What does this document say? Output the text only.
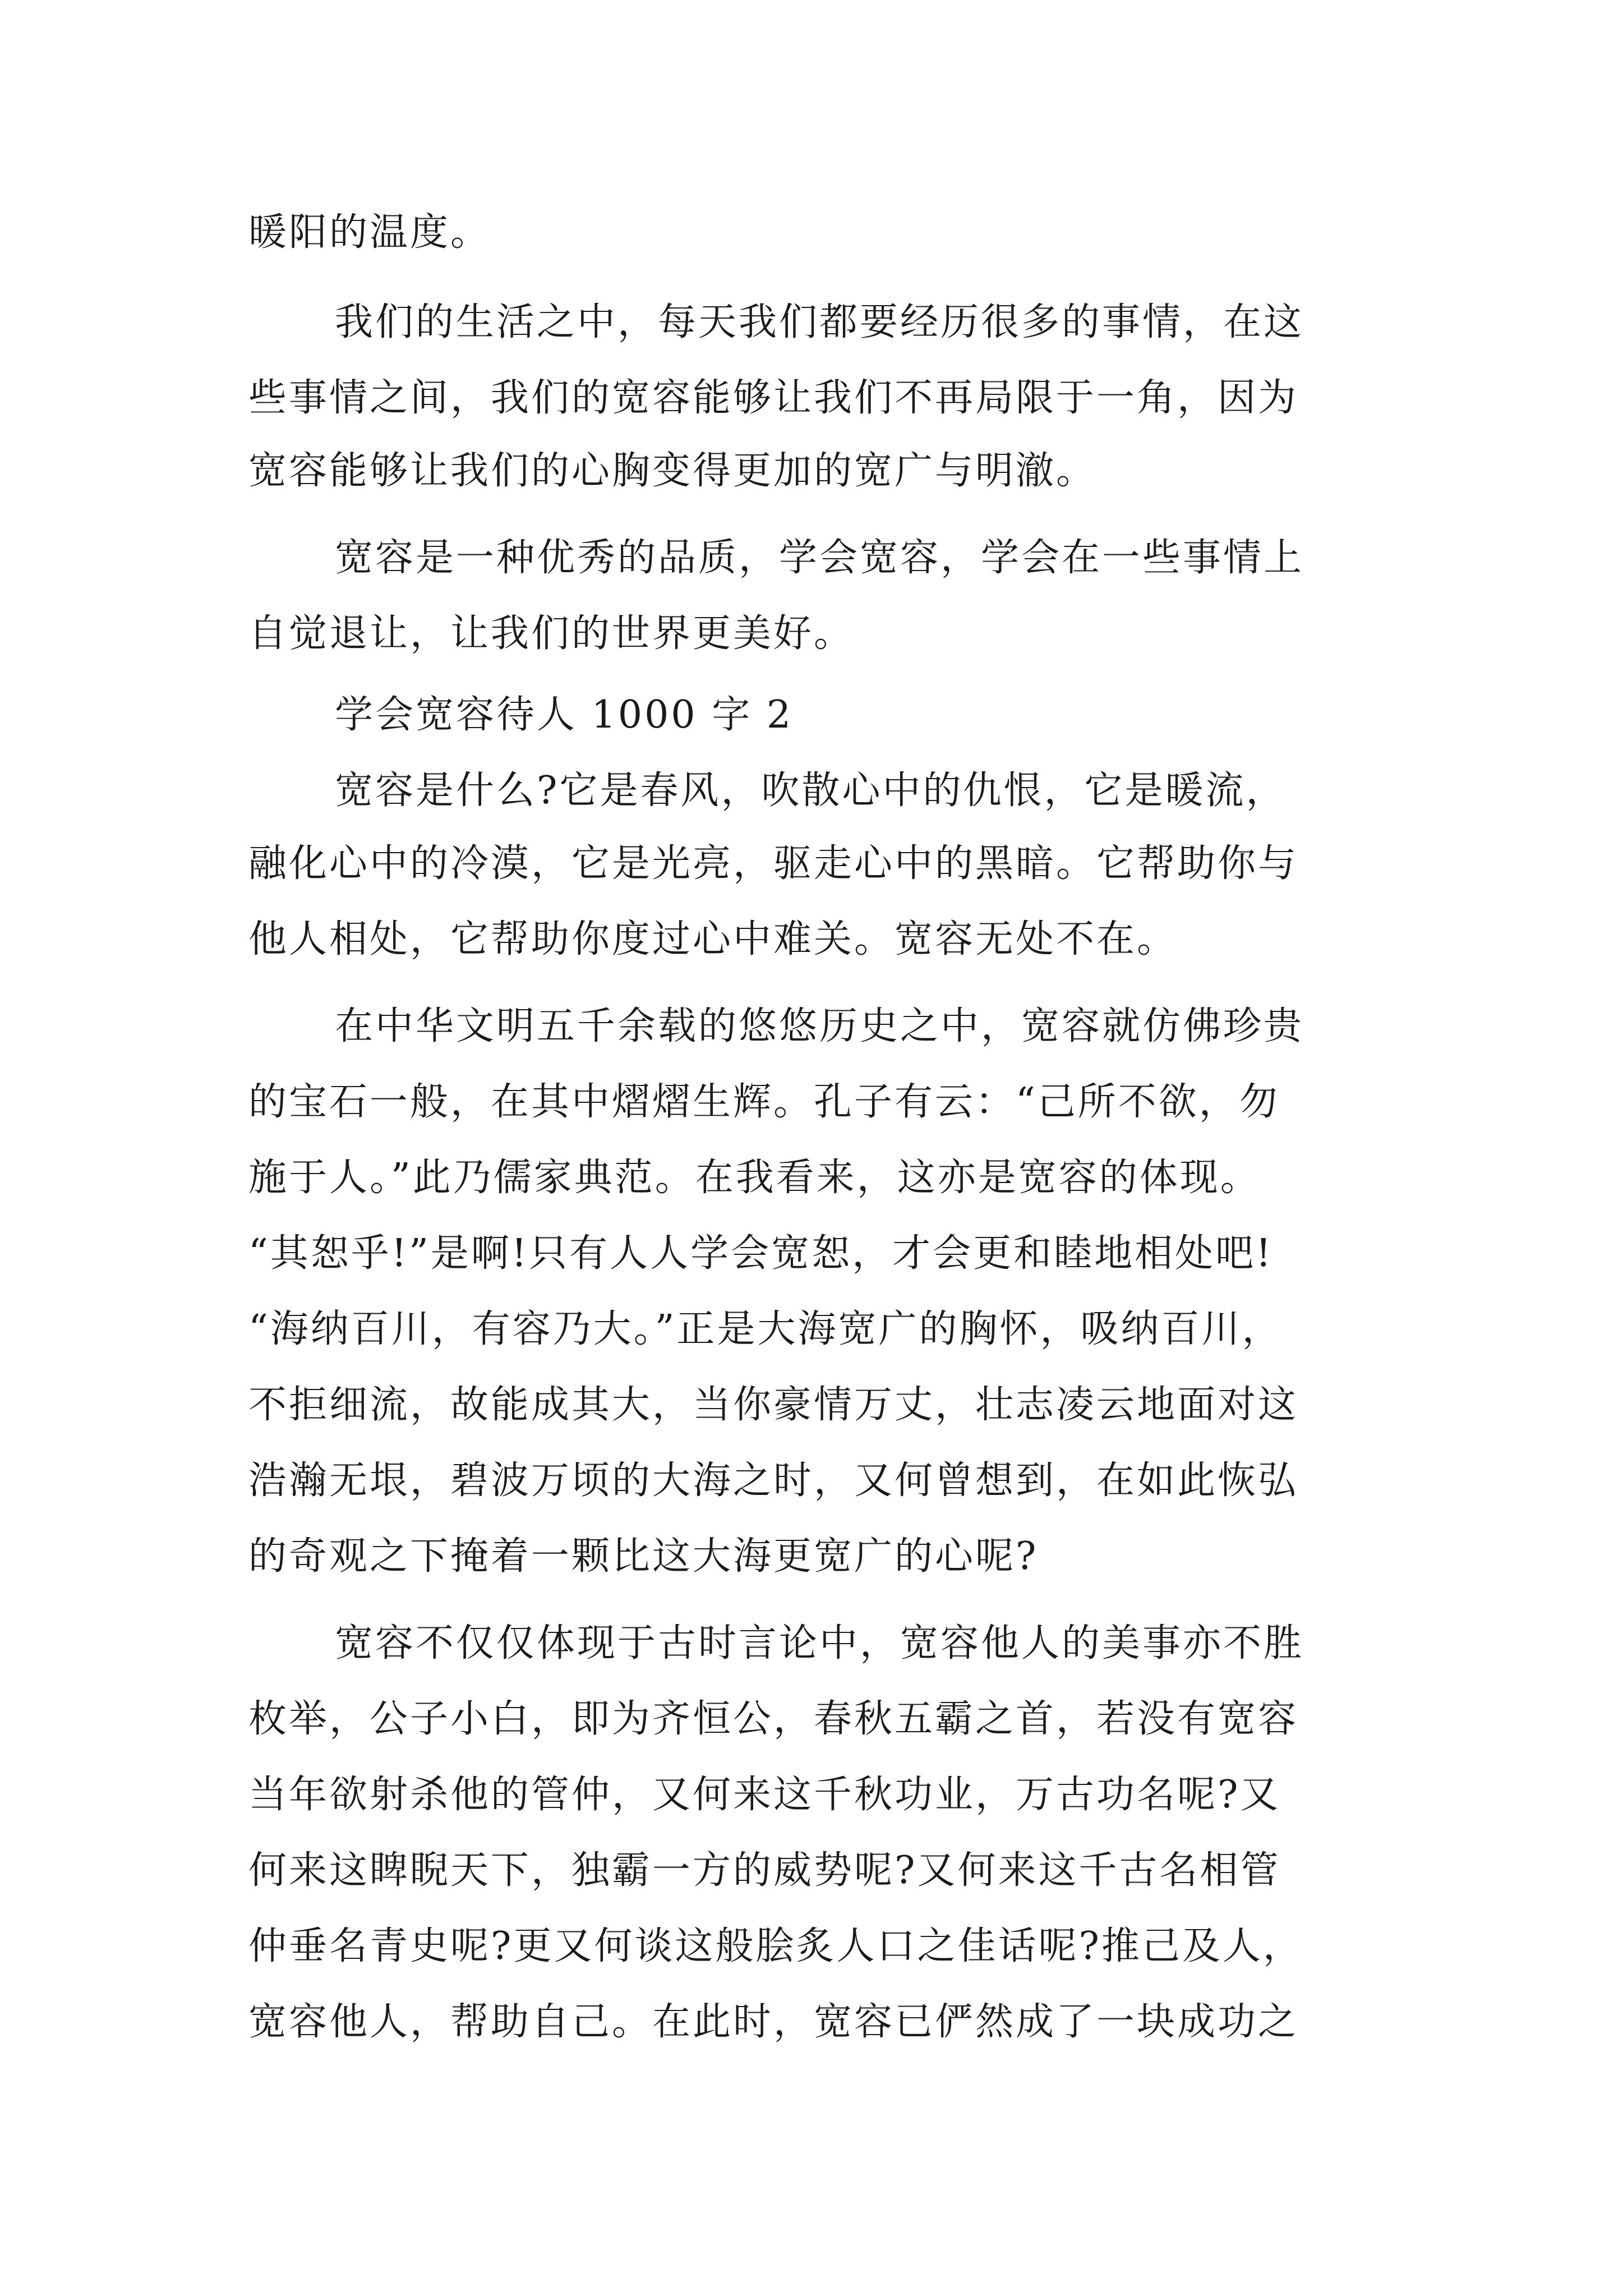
暖阳的温度。
我们的生活之中，每天我们都要经历很多的事情，在这
些事情之间，我们的宽容能够让我们不再局限于一角，因为
宽容能够让我们的心胸变得更加的宽广与明澈。
宽容是一种优秀的品质，学会宽容，学会在一些事情上
自觉退让，让我们的世界更美好。
学会宽容待人 1000 字 2
宽容是什么?它是春风，吹散心中的仇恨，它是暖流，
融化心中的冷漠，它是光亮，驱走心中的黑暗。它帮助你与
他人相处，它帮助你度过心中难关。宽容无处不在。
在中华文明五千余载的悠悠历史之中，宽容就仿佛珍贵
的宝石一般，在其中熠熠生辉。孔子有云：“己所不欲，勿
施于人。”此乃儒家典范。在我看来，这亦是宽容的体现。
“其恕乎!”是啊!只有人人学会宽恕，才会更和睦地相处吧!
“海纳百川，有容乃大。”正是大海宽广的胸怀，吸纳百川，
不拒细流，故能成其大，当你豪情万丈，壮志凌云地面对这
浩瀚无垠，碧波万顷的大海之时，又何曾想到，在如此恢弘
的奇观之下掩着一颗比这大海更宽广的心呢?
宽容不仅仅体现于古时言论中，宽容他人的美事亦不胜
枚举，公子小白，即为齐恒公，春秋五霸之首，若没有宽容
当年欲射杀他的管仲，又何来这千秋功业，万古功名呢?又
何来这睥睨天下，独霸一方的威势呢?又何来这千古名相管
仲垂名青史呢?更又何谈这般脍炙人口之佳话呢?推己及人，
宽容他人，帮助自己。在此时，宽容已俨然成了一块成功之
